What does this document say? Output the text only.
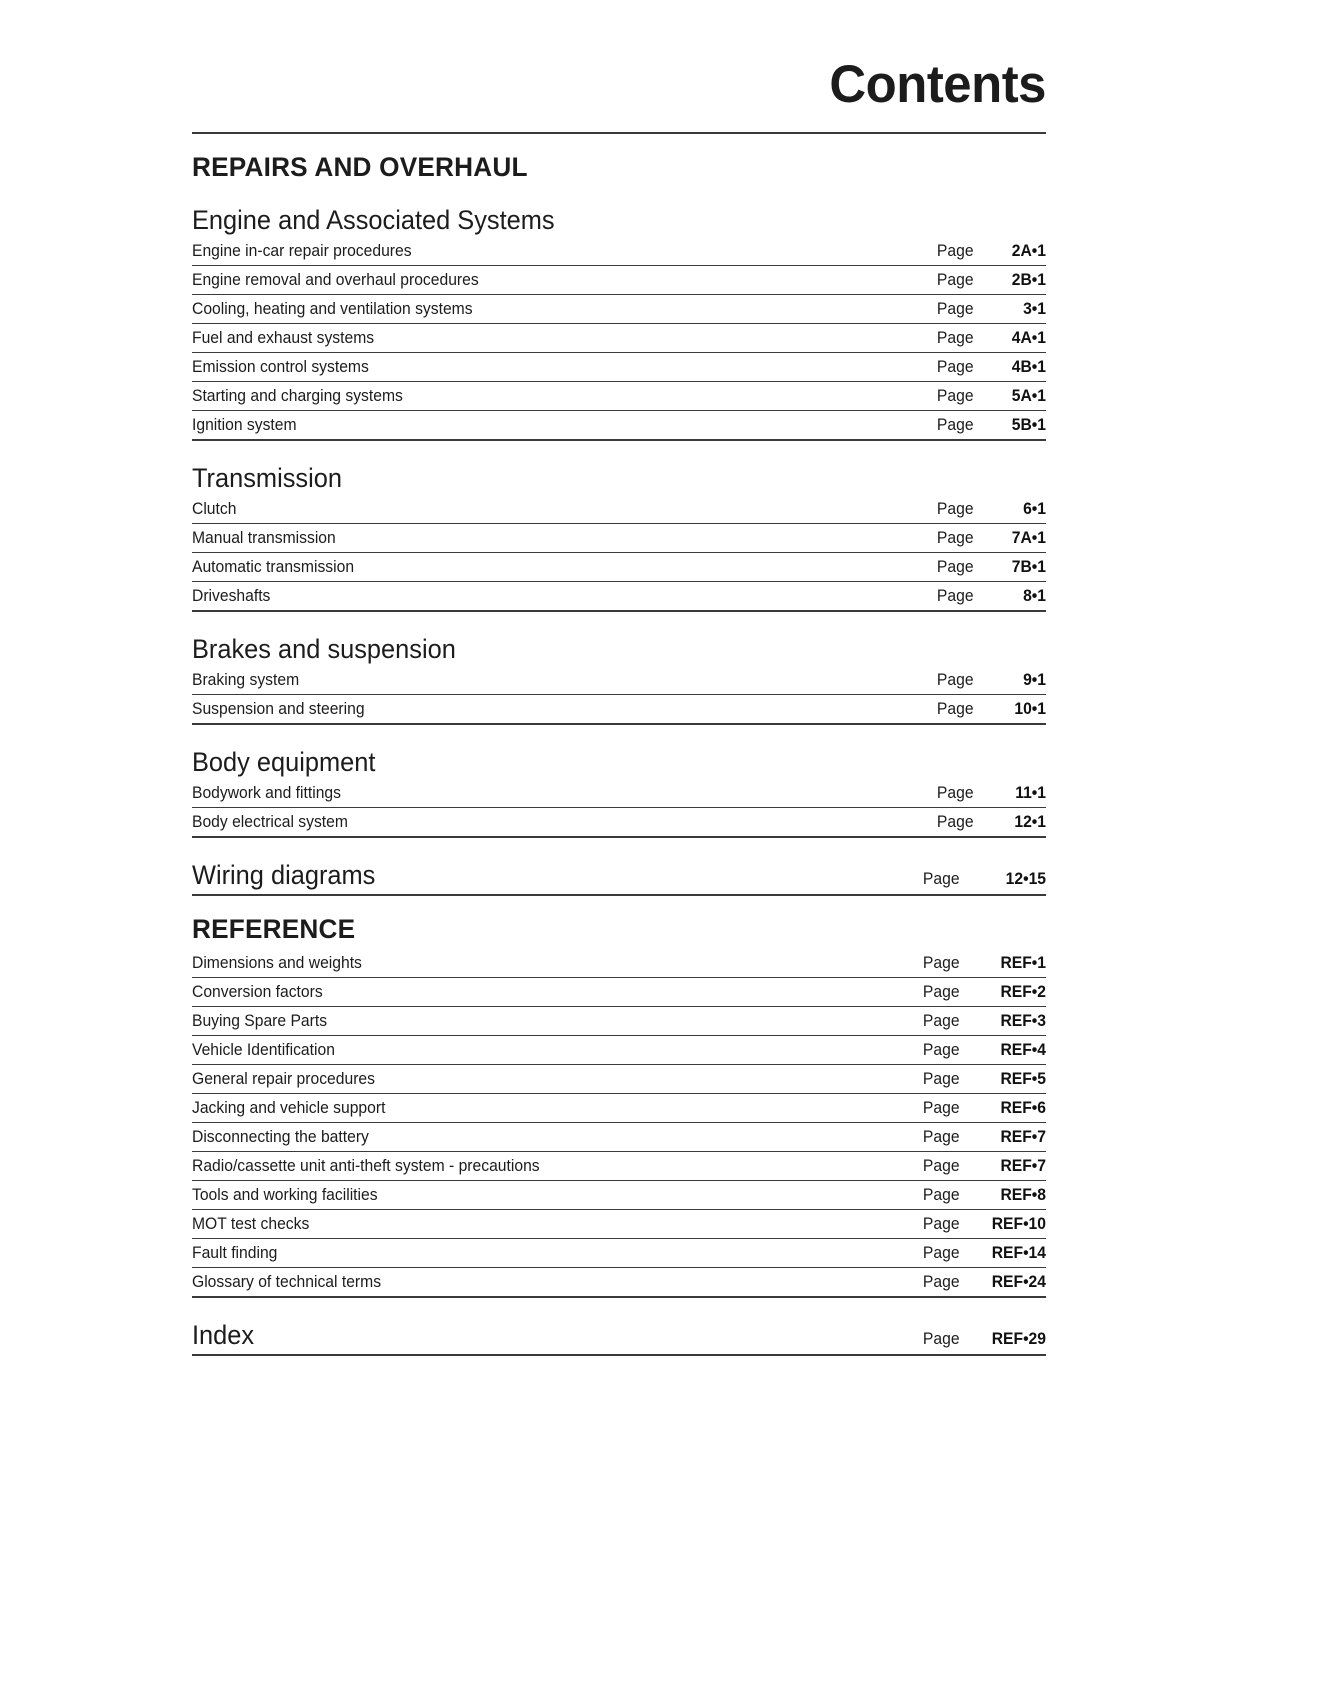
Contents
REPAIRS AND OVERHAUL
Engine and Associated Systems
Engine in-car repair procedures	Page	2A•1
Engine removal and overhaul procedures	Page	2B•1
Cooling, heating and ventilation systems	Page	3•1
Fuel and exhaust systems	Page	4A•1
Emission control systems	Page	4B•1
Starting and charging systems	Page	5A•1
Ignition system	Page	5B•1
Transmission
Clutch	Page	6•1
Manual transmission	Page	7A•1
Automatic transmission	Page	7B•1
Driveshafts	Page	8•1
Brakes and suspension
Braking system	Page	9•1
Suspension and steering	Page	10•1
Body equipment
Bodywork and fittings	Page	11•1
Body electrical system	Page	12•1
Wiring diagrams	Page	12•15
REFERENCE
Dimensions and weights	Page	REF•1
Conversion factors	Page	REF•2
Buying Spare Parts	Page	REF•3
Vehicle Identification	Page	REF•4
General repair procedures	Page	REF•5
Jacking and vehicle support	Page	REF•6
Disconnecting the battery	Page	REF•7
Radio/cassette unit anti-theft system - precautions	Page	REF•7
Tools and working facilities	Page	REF•8
MOT test checks	Page	REF•10
Fault finding	Page	REF•14
Glossary of technical terms	Page	REF•24
Index	Page	REF•29
